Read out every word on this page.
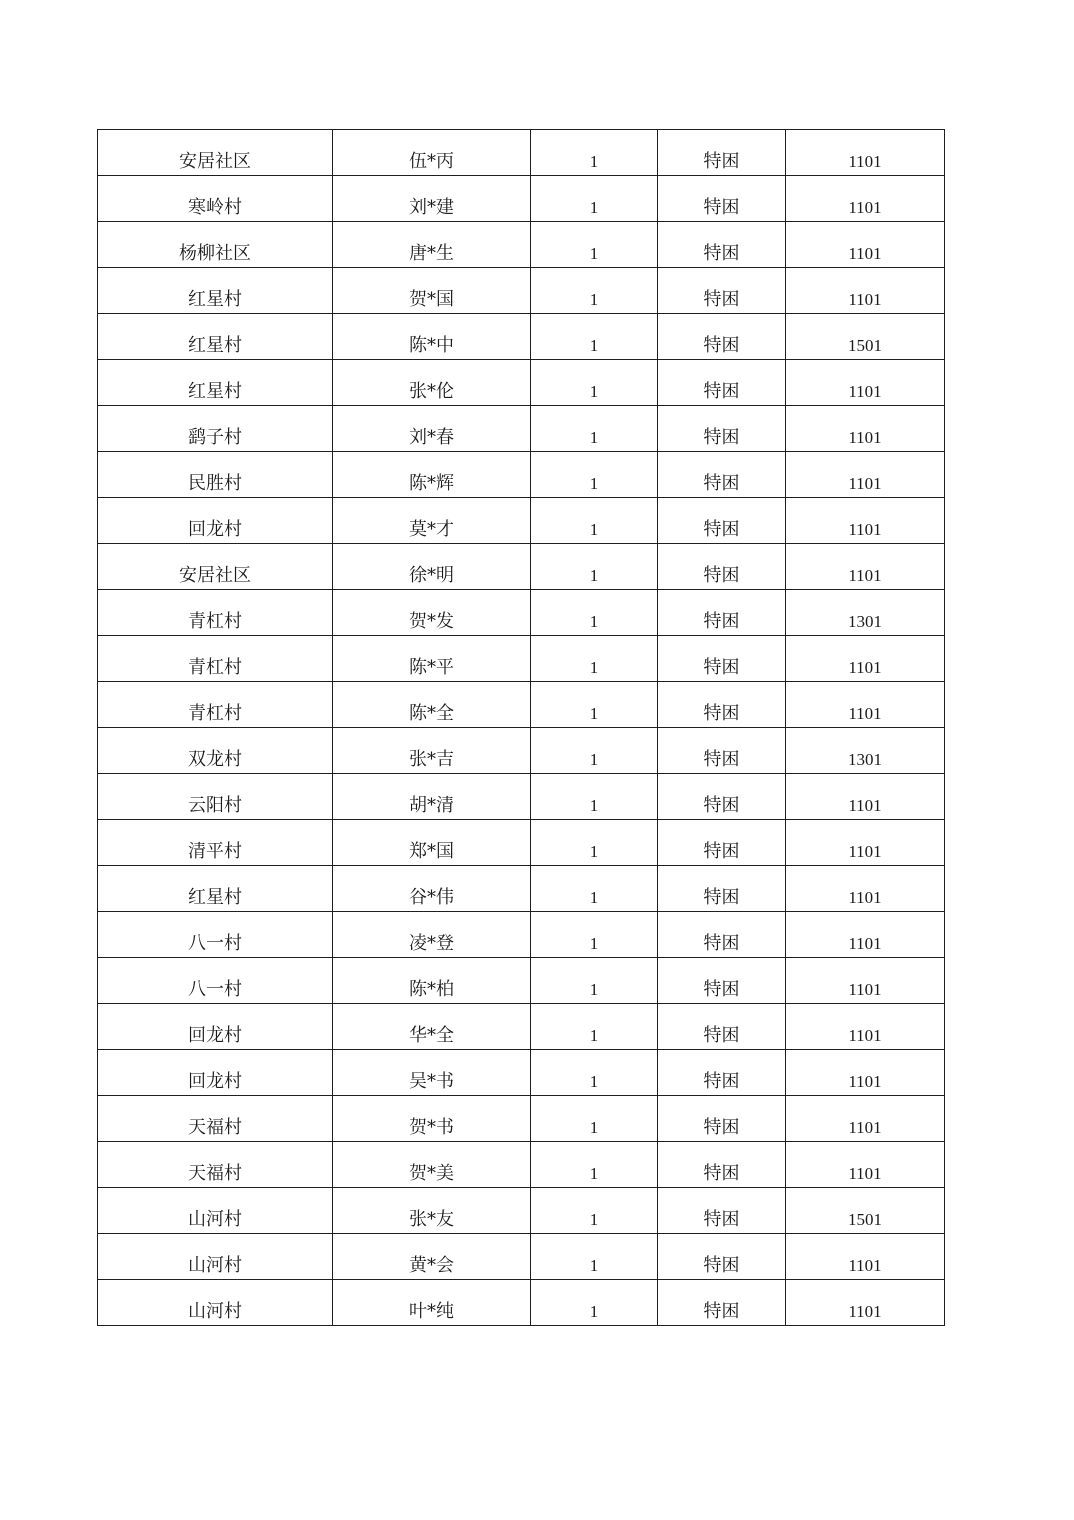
安居社区	伍*丙	1	特困	1101

寒岭村	刘*建	1	特困	1101

杨柳社区	唐*生	1	特困	1101

红星村	贺*国	1	特困	1101

红星村	陈*中	1	特困	1501

红星村	张*伦	1	特困	1101

鹞子村	刘*春	1	特困	1101

民胜村	陈*辉	1	特困	1101

回龙村	莫*才	1	特困	1101

安居社区	徐*明	1	特困	1101

青杠村	贺*发	1	特困	1301

青杠村	陈*平	1	特困	1101

青杠村	陈*全	1	特困	1101

双龙村	张*吉	1	特困	1301

云阳村	胡*清	1	特困	1101

清平村	郑*国	1	特困	1101

红星村	谷*伟	1	特困	1101

八一村	凌*登	1	特困	1101

八一村	陈*柏	1	特困	1101

回龙村	华*全	1	特困	1101

回龙村	吴*书	1	特困	1101

天福村	贺*书	1	特困	1101

天福村	贺*美	1	特困	1101

山河村	张*友	1	特困	1501

山河村	黄*会	1	特困	1101

山河村	叶*纯	1	特困	1101
